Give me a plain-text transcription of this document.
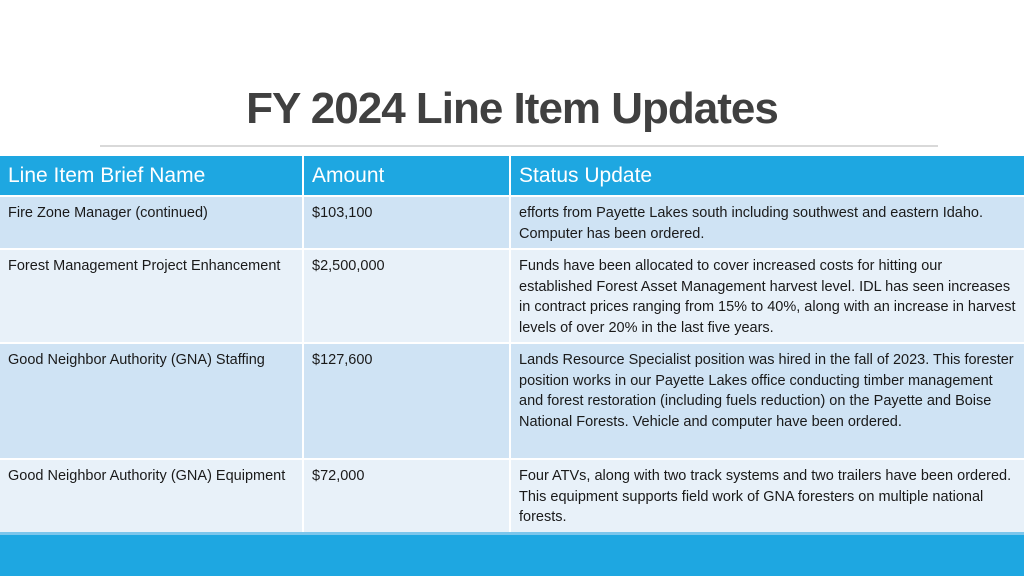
FY 2024 Line Item Updates
Line Item Brief Name	Amount	Status Update
Fire Zone Manager (continued)	$103,100	efforts from Payette Lakes south including southwest and eastern Idaho. Computer has been ordered.
Forest Management Project Enhancement	$2,500,000	Funds have been allocated to cover increased costs for hitting our established Forest Asset Management harvest level. IDL has seen increases in contract prices ranging from 15% to 40%, along with an increase in harvest levels of over 20% in the last five years.
Good Neighbor Authority (GNA) Staffing	$127,600	Lands Resource Specialist position was hired in the fall of 2023. This forester position works in our Payette Lakes office conducting timber management and forest restoration (including fuels reduction) on the Payette and Boise National Forests. Vehicle and computer have been ordered.
Good Neighbor Authority (GNA) Equipment	$72,000	Four ATVs, along with two track systems and two trailers have been ordered. This equipment supports field work of GNA foresters on multiple national forests.
